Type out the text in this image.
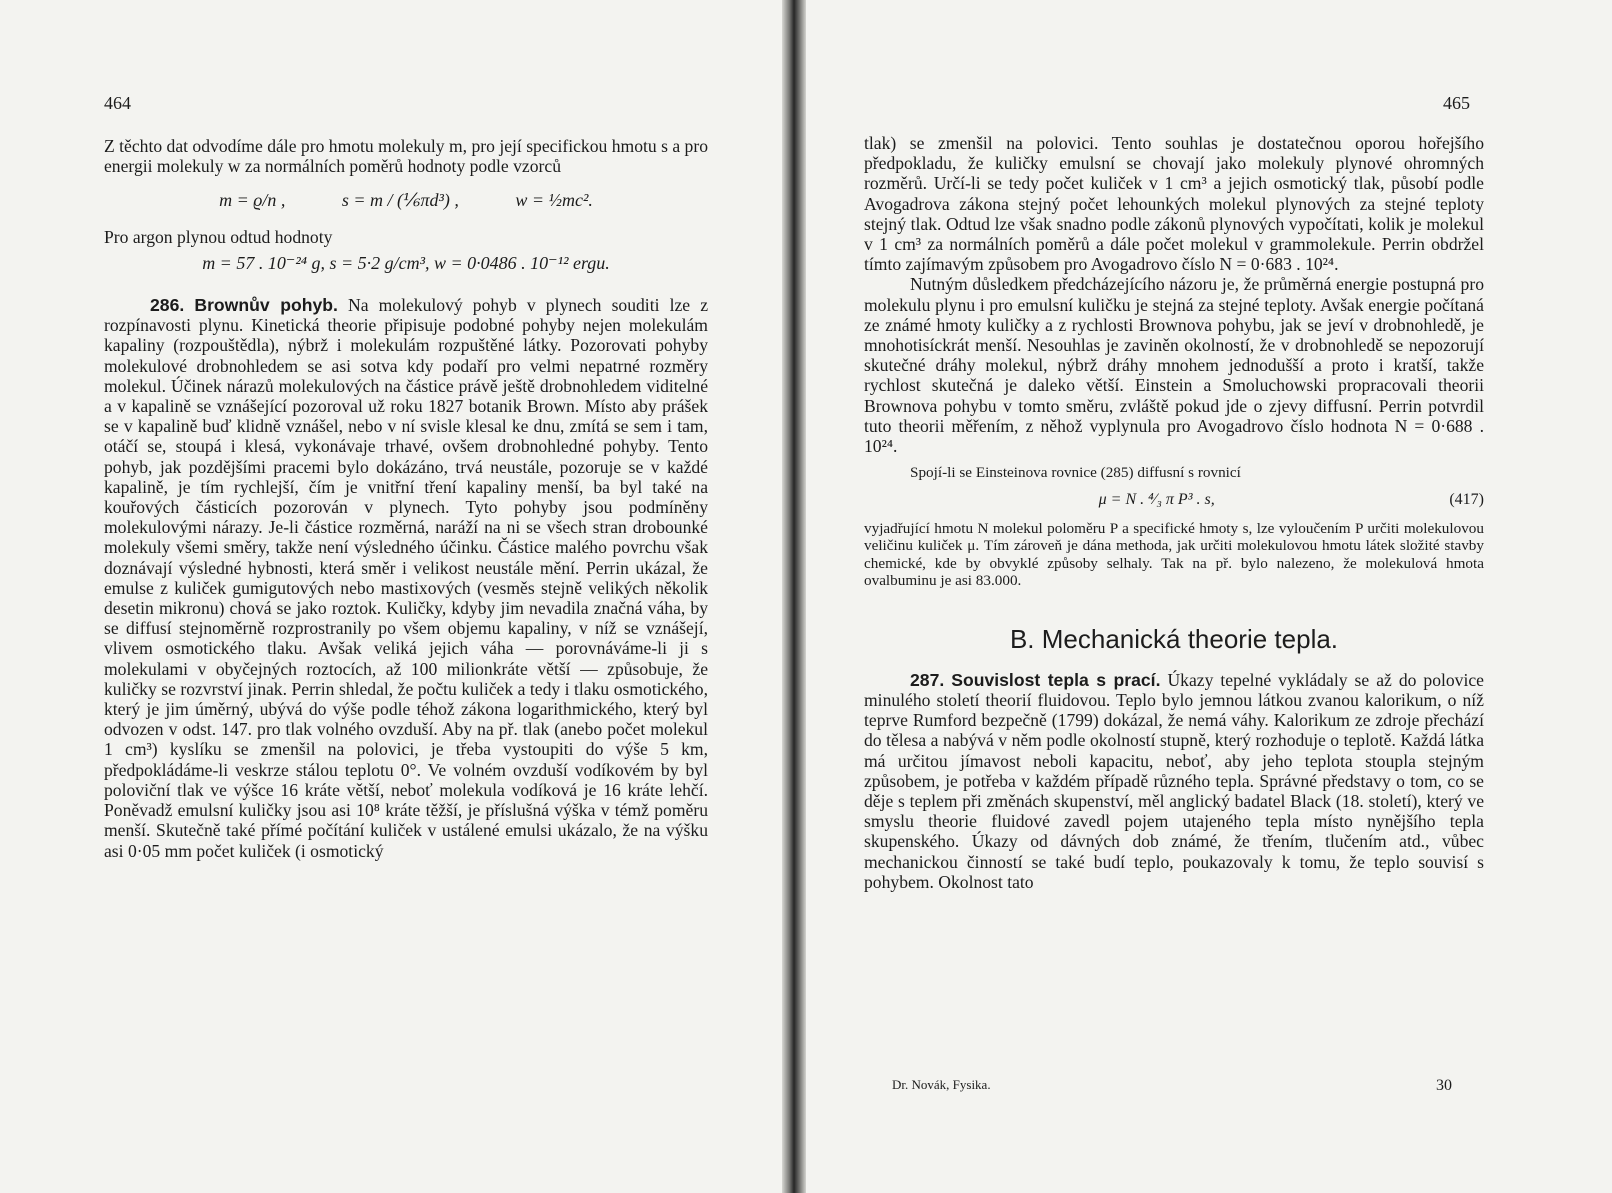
464

Z těchto dat odvodíme dále pro hmotu molekuly m, pro její specifickou hmotu s a pro energii molekuly w za normálních poměrů hodnoty podle vzorců

m = ϱ/n ,	s = m / (⅙πd³) ,	w = ½mc².

Pro argon plynou odtud hodnoty

m = 57 . 10⁻²⁴ g, s = 5·2 g/cm³, w = 0·0486 . 10⁻¹² ergu.

286. Brownův pohyb. Na molekulový pohyb v plynech souditi lze z rozpínavosti plynu. Kinetická theorie připisuje podobné pohyby nejen molekulám kapaliny (rozpouštědla), nýbrž i molekulám rozpuštěné látky. Pozorovati pohyby molekulové drobnohledem se asi sotva kdy podaří pro velmi nepatrné rozměry molekul. Účinek nárazů molekulových na částice právě ještě drobnohledem viditelné a v kapalině se vznášející pozoroval už roku 1827 botanik Brown. Místo aby prášek se v kapalině buď klidně vznášel, nebo v ní svisle klesal ke dnu, zmítá se sem i tam, otáčí se, stoupá i klesá, vykonávaje trhavé, ovšem drobnohledné pohyby. Tento pohyb, jak pozdějšími pracemi bylo dokázáno, trvá neustále, pozoruje se v každé kapalině, je tím rychlejší, čím je vnitřní tření kapaliny menší, ba byl také na kouřových částicích pozorován v plynech. Tyto pohyby jsou podmíněny molekulovými nárazy. Je-li částice rozměrná, naráží na ni se všech stran drobounké molekuly všemi směry, takže není výsledného účinku. Částice malého povrchu však doznávají výsledné hybnosti, která směr i velikost neustále mění. Perrin ukázal, že emulse z kuliček gumigutových nebo mastixových (vesměs stejně velikých několik desetin mikronu) chová se jako roztok. Kuličky, kdyby jim nevadila značná váha, by se diffusí stejnoměrně rozprostranily po všem objemu kapaliny, v níž se vznášejí, vlivem osmotického tlaku. Avšak veliká jejich váha — porovnáváme-li ji s molekulami v obyčejných roztocích, až 100 milionkráte větší — způsobuje, že kuličky se rozvrství jinak. Perrin shledal, že počtu kuliček a tedy i tlaku osmotického, který je jim úměrný, ubývá do výše podle téhož zákona logarithmického, který byl odvozen v odst. 147. pro tlak volného ovzduší. Aby na př. tlak (anebo počet molekul 1 cm³) kyslíku se zmenšil na polovici, je třeba vystoupiti do výše 5 km, předpokládáme-li veskrze stálou teplotu 0°. Ve volném ovzduší vodíkovém by byl poloviční tlak ve výšce 16 kráte větší, neboť molekula vodíková je 16 kráte lehčí. Poněvadž emulsní kuličky jsou asi 10⁸ kráte těžší, je příslušná výška v témž poměru menší. Skutečně také přímé počítání kuliček v ustálené emulsi ukázalo, že na výšku asi 0·05 mm počet kuliček (i osmotický

465

tlak) se zmenšil na polovici. Tento souhlas je dostatečnou oporou hořejšího předpokladu, že kuličky emulsní se chovají jako molekuly plynové ohromných rozměrů. Určí-li se tedy počet kuliček v 1 cm³ a jejich osmotický tlak, působí podle Avogadrova zákona stejný počet lehounkých molekul plynových za stejné teploty stejný tlak. Odtud lze však snadno podle zákonů plynových vypočítati, kolik je molekul v 1 cm³ za normálních poměrů a dále počet molekul v grammolekule. Perrin obdržel tímto zajímavým způsobem pro Avogadrovo číslo N = 0·683 . 10²⁴.

Nutným důsledkem předcházejícího názoru je, že průměrná energie postupná pro molekulu plynu i pro emulsní kuličku je stejná za stejné teploty. Avšak energie počítaná ze známé hmoty kuličky a z rychlosti Brownova pohybu, jak se jeví v drobnohledě, je mnohotisíckrát menší. Nesouhlas je zaviněn okolností, že v drobnohledě se nepozorují skutečné dráhy molekul, nýbrž dráhy mnohem jednodušší a proto i kratší, takže rychlost skutečná je daleko větší. Einstein a Smoluchowski propracovali theorii Brownova pohybu v tomto směru, zvláště pokud jde o zjevy diffusní. Perrin potvrdil tuto theorii měřením, z něhož vyplynula pro Avogadrovo číslo hodnota N = 0·688 . 10²⁴.

Spojí-li se Einsteinova rovnice (285) diffusní s rovnicí

μ = N . ⁴⁄₃ π P³ . s,	(417)

vyjadřující hmotu N molekul poloměru P a specifické hmoty s, lze vyloučením P určiti molekulovou veličinu kuliček μ. Tím zároveň je dána methoda, jak určiti molekulovou hmotu látek složité stavby chemické, kde by obvyklé způsoby selhaly. Tak na př. bylo nalezeno, že molekulová hmota ovalbuminu je asi 83.000.

B. Mechanická theorie tepla.

287. Souvislost tepla s prací. Úkazy tepelné vykládaly se až do polovice minulého století theorií fluidovou. Teplo bylo jemnou látkou zvanou kalorikum, o níž teprve Rumford bezpečně (1799) dokázal, že nemá váhy. Kalorikum ze zdroje přechází do tělesa a nabývá v něm podle okolností stupně, který rozhoduje o teplotě. Každá látka má určitou jímavost neboli kapacitu, neboť, aby jeho teplota stoupla stejným způsobem, je potřeba v každém případě různého tepla. Správné představy o tom, co se děje s teplem při změnách skupenství, měl anglický badatel Black (18. století), který ve smyslu theorie fluidové zavedl pojem utajeného tepla místo nynějšího tepla skupenského. Úkazy od dávných dob známé, že třením, tlučením atd., vůbec mechanickou činností se také budí teplo, poukazovaly k tomu, že teplo souvisí s pohybem. Okolnost tato

Dr. Novák, Fysika.	30
